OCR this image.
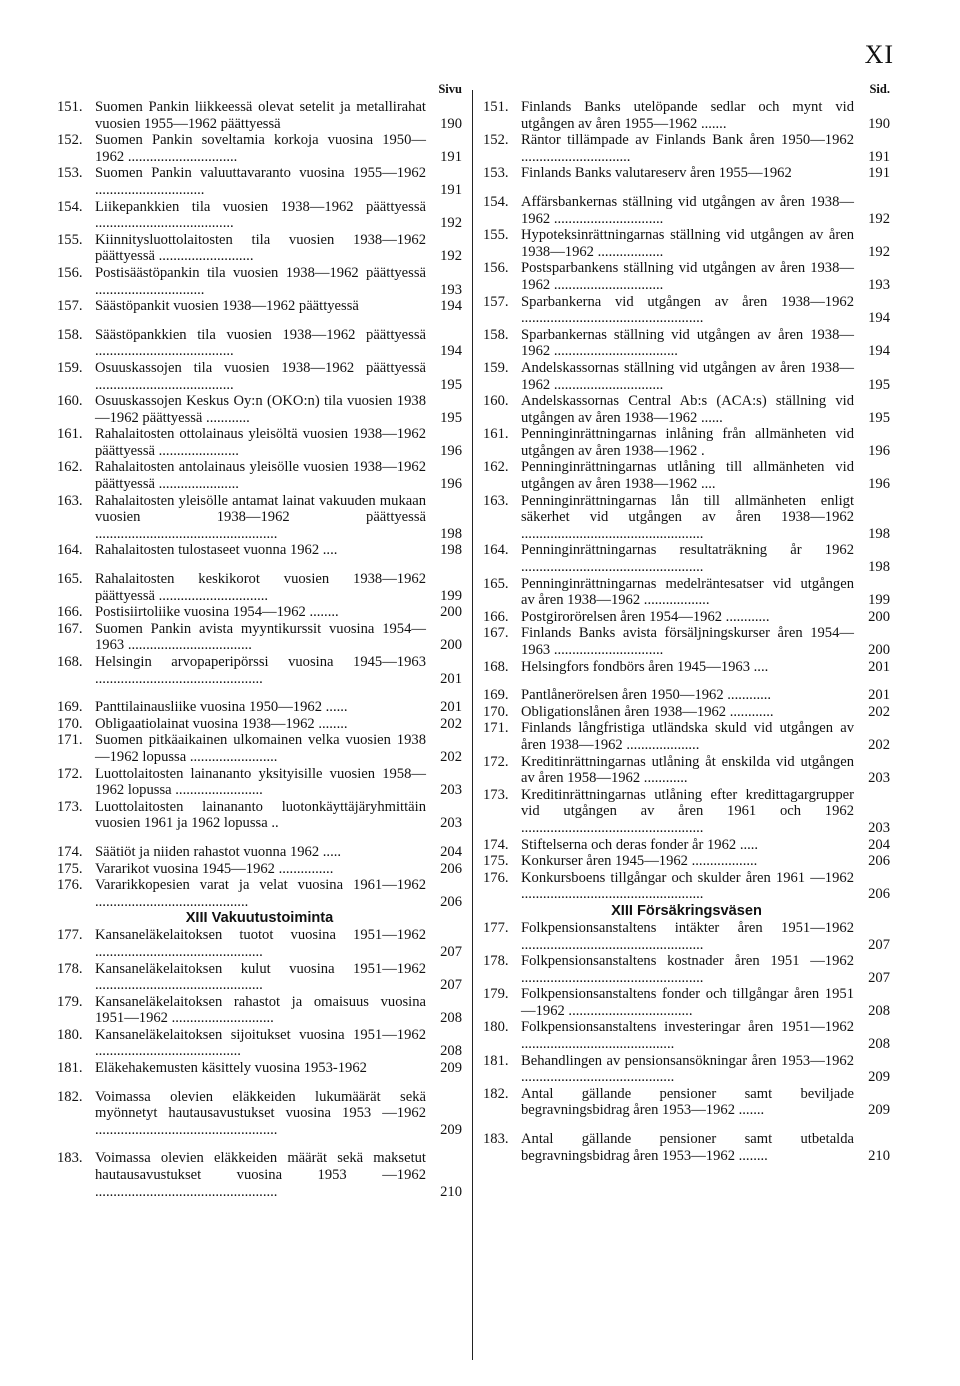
XI
Sivu
151. Suomen Pankin liikkeessä olevat setelit ja metallirahat vuosien 1955—1962 päättyessä	190
152. Suomen Pankin soveltamia korkoja vuosina 1950—1962 ..............................	191
153. Suomen Pankin valuuttavaranto vuosina 1955—1962 ..............................	191
154. Liikepankkien tila vuosien 1938—1962 päättyessä ......................................	192
155. Kiinnitysluottolaitosten tila vuosien 1938—1962 päättyessä ..........................	192
156. Postisäästöpankin tila vuosien 1938—1962 päättyessä ..............................	193
157. Säästöpankit vuosien 1938—1962 päättyessä	194
158. Säästöpankkien tila vuosien 1938—1962 päättyessä ......................................	194
159. Osuuskassojen tila vuosien 1938—1962 päättyessä ......................................	195
160. Osuuskassojen Keskus Oy:n (OKO:n) tila vuosien 1938—1962 päättyessä ............	195
161. Rahalaitosten ottolainaus yleisöltä vuosien 1938—1962 päättyessä ......................	196
162. Rahalaitosten antolainaus yleisölle vuosien 1938—1962 päättyessä ......................	196
163. Rahalaitosten yleisölle antamat lainat vakuuden mukaan vuosien 1938—1962 päättyessä ..................................................	198
164. Rahalaitosten tulostaseet vuonna 1962 ....	198
165. Rahalaitosten keskikorot vuosien 1938—1962 päättyessä ..............................	199
166. Postisiirtoliike vuosina 1954—1962 ........	200
167. Suomen Pankin avista myyntikurssit vuosina 1954—1963 ..................................	200
168. Helsingin arvopaperipörssi vuosina 1945—1963 ..............................................	201
169. Panttilainausliike vuosina 1950—1962 ......	201
170. Obligaatiolainat vuosina 1938—1962 ........	202
171. Suomen pitkäaikainen ulkomainen velka vuosien 1938—1962 lopussa ........................	202
172. Luottolaitosten lainananto yksityisille vuosien 1958—1962 lopussa ........................	203
173. Luottolaitosten lainananto luotonkäyttäjäryhmittäin vuosien 1961 ja 1962 lopussa ..	203
174. Säätiöt ja niiden rahastot vuonna 1962 .....	204
175. Vararikot vuosina 1945—1962 ...............	206
176. Vararikkopesien varat ja velat vuosina 1961—1962 ..........................................	206
XIII Vakuutustoiminta
177. Kansaneläkelaitoksen tuotot vuosina 1951—1962 ..............................................	207
178. Kansaneläkelaitoksen kulut vuosina 1951—1962 ..............................................	207
179. Kansaneläkelaitoksen rahastot ja omaisuus vuosina 1951—1962 ............................	208
180. Kansaneläkelaitoksen sijoitukset vuosina 1951—1962 ........................................	208
181. Eläkehakemusten käsittely vuosina 1953-1962	209
182. Voimassa olevien eläkkeiden lukumäärät sekä myönnetyt hautausavustukset vuosina 1953 —1962 ..................................................	209
183. Voimassa olevien eläkkeiden määrät sekä maksetut hautausavustukset vuosina 1953 —1962 ..................................................	210
Sid.
151. Finlands Banks utelöpande sedlar och mynt vid utgången av åren 1955—1962 .......	190
152. Räntor tillämpade av Finlands Bank åren 1950—1962 ..............................	191
153. Finlands Banks valutareserv åren 1955—1962	191
154. Affärsbankernas ställning vid utgången av åren 1938—1962 ..............................	192
155. Hypoteksinrättningarnas ställning vid utgången av åren 1938—1962 ..................	192
156. Postsparbankens ställning vid utgången av åren 1938—1962 ..............................	193
157. Sparbankerna vid utgången av åren 1938—1962 ..................................................	194
158. Sparbankernas ställning vid utgången av åren 1938—1962 ..................................	194
159. Andelskassornas ställning vid utgången av åren 1938—1962 ..............................	195
160. Andelskassornas Central Ab:s (ACA:s) ställning vid utgången av åren 1938—1962 ......	195
161. Penninginrättningarnas inlåning från allmänheten vid utgången av åren 1938—1962 .	196
162. Penninginrättningarnas utlåning till allmänheten vid utgången av åren 1938—1962 ....	196
163. Penninginrättningarnas lån till allmänheten enligt säkerhet vid utgången av åren 1938—1962 ..................................................	198
164. Penninginrättningarnas resultaträkning år 1962 ..................................................	198
165. Penninginrättningarnas medelräntesatser vid utgången av åren 1938—1962 ..................	199
166. Postgirorörelsen åren 1954—1962 ............	200
167. Finlands Banks avista försäljningskurser åren 1954—1963 ..............................	200
168. Helsingfors fondbörs åren 1945—1963 ....	201
169. Pantlånerörelsen åren 1950—1962 ............	201
170. Obligationslånen åren 1938—1962 ............	202
171. Finlands långfristiga utländska skuld vid utgången av åren 1938—1962 ....................	202
172. Kreditinrättningarnas utlåning åt enskilda vid utgången av åren 1958—1962 ............	203
173. Kreditinrättningarnas utlåning efter kredittagargrupper vid utgången av åren 1961 och 1962 ..................................................	203
174. Stiftelserna och deras fonder år 1962 .....	204
175. Konkurser åren 1945—1962 ..................	206
176. Konkursboens tillgångar och skulder åren 1961 —1962 ..................................................	206
XIII Försäkringsväsen
177. Folkpensionsanstaltens intäkter åren 1951—1962 ..................................................	207
178. Folkpensionsanstaltens kostnader åren 1951 —1962 ..................................................	207
179. Folkpensionsanstaltens fonder och tillgångar åren 1951—1962 ..................................	208
180. Folkpensionsanstaltens investeringar åren 1951—1962 ..........................................	208
181. Behandlingen av pensionsansökningar åren 1953—1962 ..........................................	209
182. Antal gällande pensioner samt beviljade begravningsbidrag åren 1953—1962 .......	209
183. Antal gällande pensioner samt utbetalda begravningsbidrag åren 1953—1962 ........	210
